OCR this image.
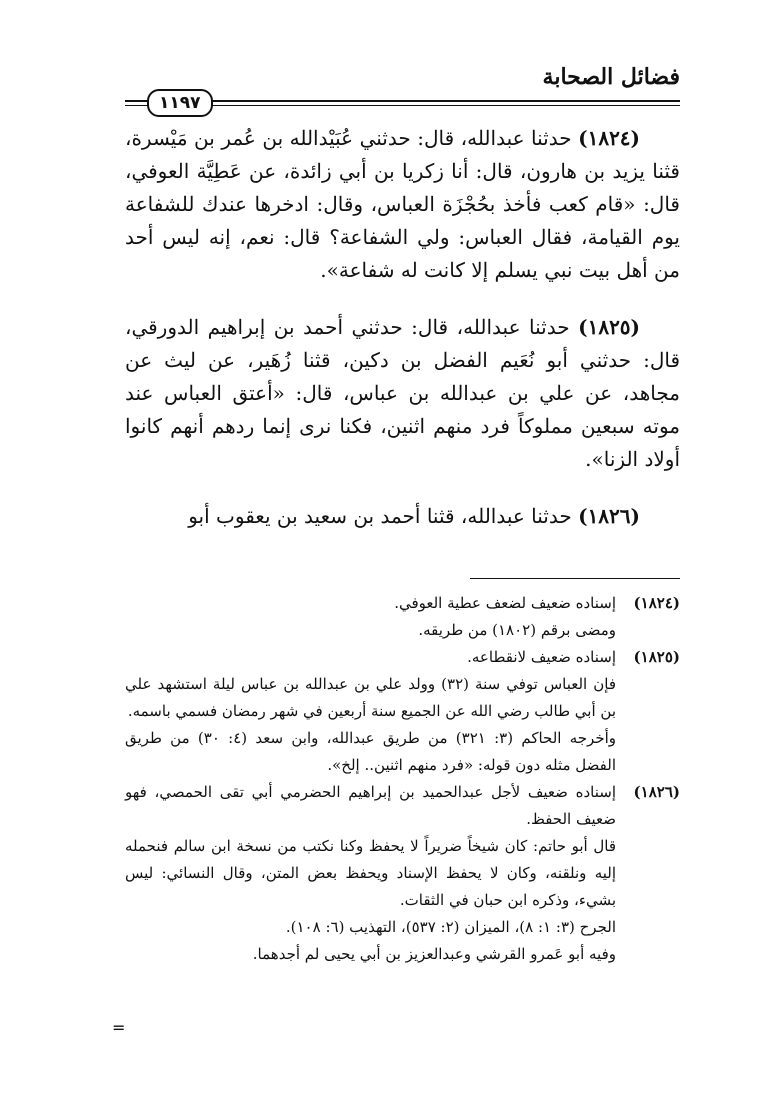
فضائل الصحابة
١١٩٧

(١٨٢٤) حدثنا عبدالله، قال: حدثني عُبَيْدالله بن عُمر بن مَيْسرة، قثنا يزيد بن هارون، قال: أنا زكريا بن أبي زائدة، عن عَطِيَّة العوفي، قال: «قام كعب فأخذ بحُجْزَة العباس، وقال: ادخرها عندك للشفاعة يوم القيامة، فقال العباس: ولي الشفاعة؟ قال: نعم، إنه ليس أحد من أهل بيت نبي يسلم إلا كانت له شفاعة».

(١٨٢٥) حدثنا عبدالله، قال: حدثني أحمد بن إبراهيم الدورقي، قال: حدثني أبو نُعَيم الفضل بن دكين، قثنا زُهَير، عن ليث عن مجاهد، عن علي بن عبدالله بن عباس، قال: «أعتق العباس عند موته سبعين مملوكاً فرد منهم اثنين، فكنا نرى إنما ردهم أنهم كانوا أولاد الزنا».

(١٨٢٦) حدثنا عبدالله، قثنا أحمد بن سعيد بن يعقوب أبو

(١٨٢٤)إسناده ضعيف لضعف عطية العوفي.
ومضى برقم (١٨٠٢) من طريقه.
(١٨٢٥)إسناده ضعيف لانقطاعه.
فإن العباس توفي سنة (٣٢) وولد علي بن عبدالله بن عباس ليلة استشهد علي بن أبي طالب رضي الله عن الجميع سنة أربعين في شهر رمضان فسمي باسمه.
وأخرجه الحاكم (٣: ٣٢١) من طريق عبدالله، وابن سعد (٤: ٣٠) من طريق الفضل مثله دون قوله: «فرد منهم اثنين.. إلخ».
(١٨٢٦)
إسناده ضعيف لأجل عبدالحميد بن إبراهيم الحضرمي أبي تقى الحمصي، فهو ضعيف الحفظ.
قال أبو حاتم: كان شيخاً ضريراً لا يحفظ وكنا نكتب من نسخة ابن سالم فنحمله إليه ونلقنه، وكان لا يحفظ الإسناد ويحفظ بعض المتن، وقال النسائي: ليس بشيء، وذكره ابن حبان في الثقات.
الجرح (٣: ١: ٨)، الميزان (٢: ٥٣٧)، التهذيب (٦: ١٠٨).
وفيه أبو عَمرو القرشي وعبدالعزيز بن أبي يحيى لم أجدهما.
=
